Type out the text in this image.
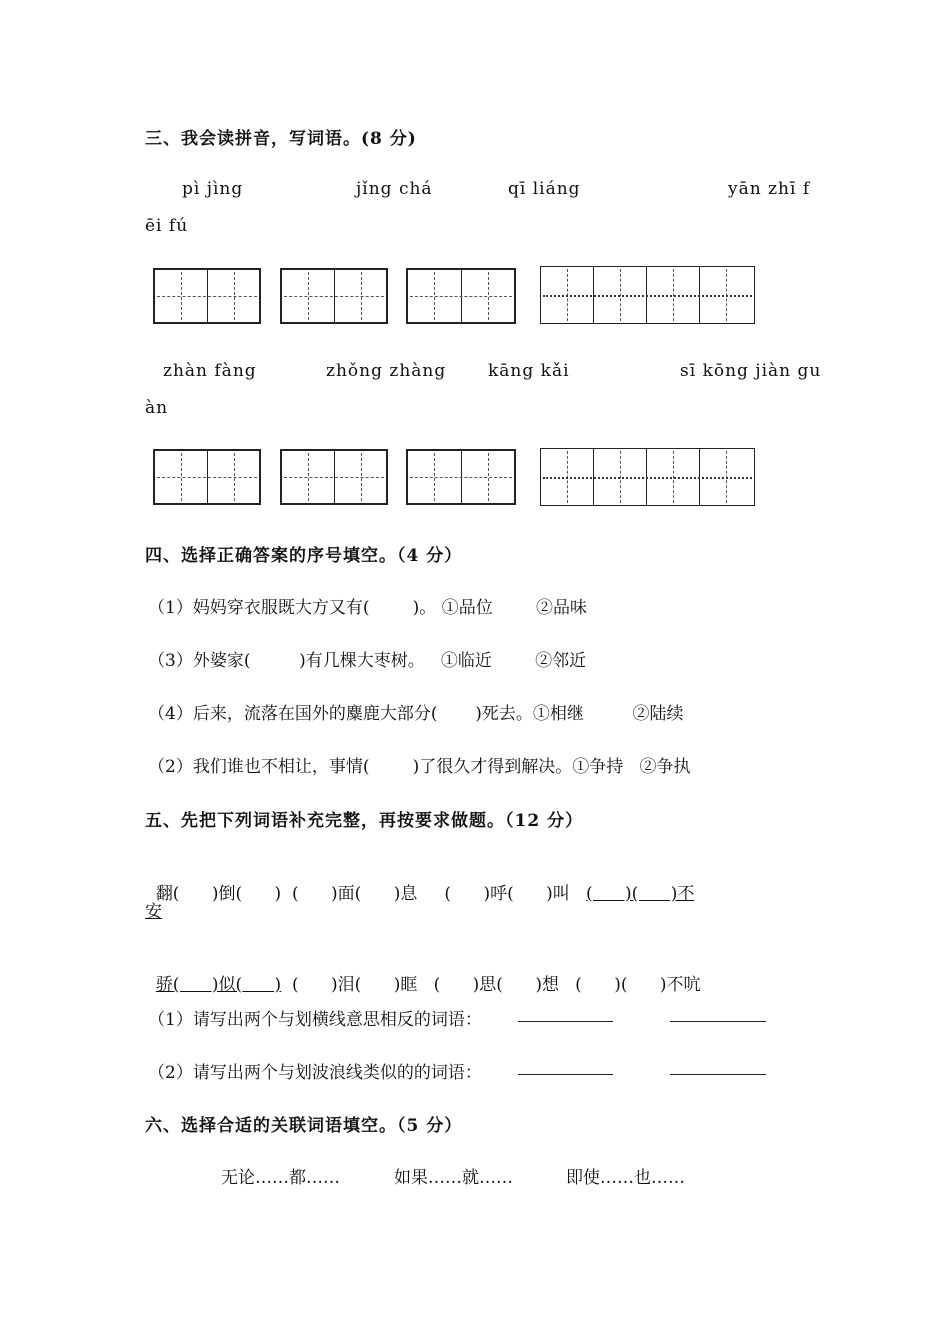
三、我会读拼音，写词语。(8 分)
pì jìng	jǐng chá	qī liáng	yān zhī f
ēi fú
zhàn fàng	zhǒng zhàng kāng kǎi	sī kōng jiàn gu
àn
四、选择正确答案的序号填空。（4 分）
（1）妈妈穿衣服既大方又有(        )。 ①品位        ②品味
（3）外婆家(         )有几棵大枣树。   ①临近        ②邻近
（4）后来，流落在国外的麋鹿大部分(       )死去。①相继         ②陆续
（2）我们谁也不相让，事情(        )了很久才得到解决。①争持   ②争执
五、先把下列词语补充完整，再按要求做题。（12 分）

翻(      )倒(      )  (      )面(      )息     (      )呼(      )叫 (      )(      )不

安

骄(      )似(      )  (      )泪(      )眶   (      )思(      )想   (      )(      )不吭

（1）请写出两个与划横线意思相反的词语：
（2）请写出两个与划波浪线类似的的词语：
六、选择合适的关联词语填空。（5 分）
无论……都……	如果……就……	即使……也……
